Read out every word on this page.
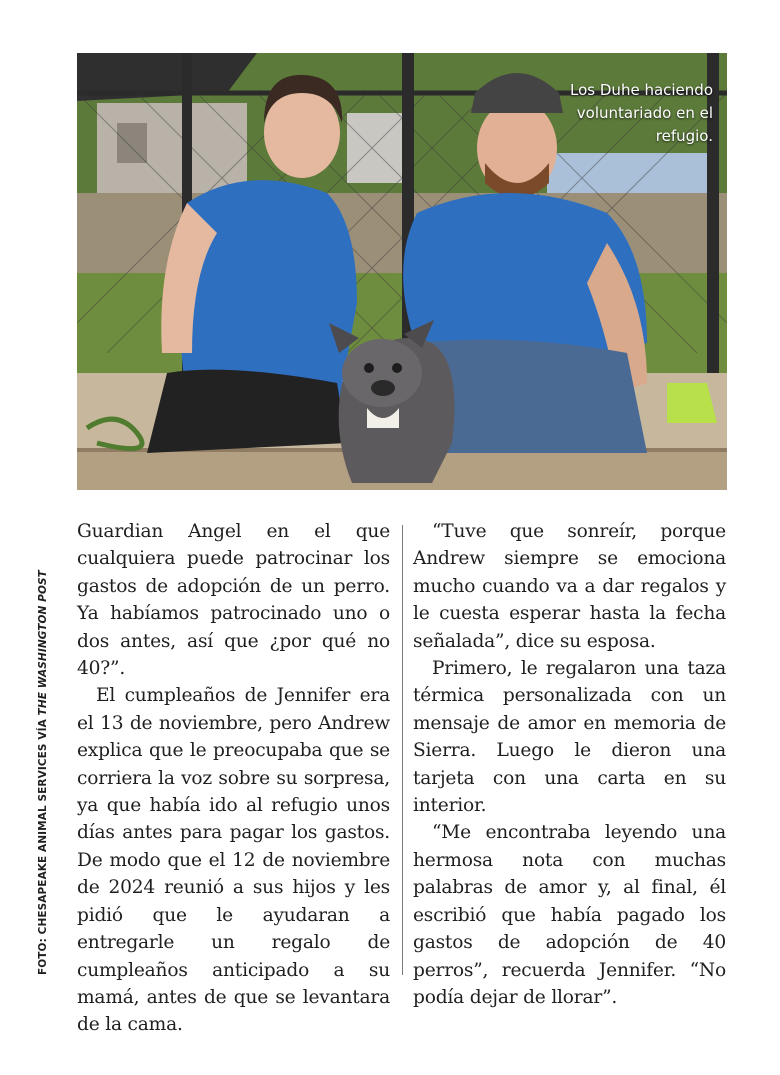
Los Duhe haciendo voluntariado en el refugio.
FOTO: CHESAPEAKE ANIMAL SERVICES VÍA THE WASHINGTON POST

Guardian Angel en el que cualquiera puede patrocinar los gastos de adopción de un perro. Ya habíamos patrocinado uno o dos antes, así que ¿por qué no 40?”.

El cumpleaños de Jennifer era el 13 de noviembre, pero Andrew explica que le preocupaba que se corriera la voz sobre su sorpresa, ya que había ido al refugio unos días antes para pagar los gastos. De modo que el 12 de noviembre de 2024 reunió a sus hijos y les pidió que le ayudaran a entregarle un regalo de cumpleaños anticipado a su mamá, antes de que se levantara de la cama.

“Tuve que sonreír, porque Andrew siempre se emociona mucho cuando va a dar regalos y le cuesta esperar hasta la fecha señalada”, dice su esposa.

Primero, le regalaron una taza térmica personalizada con un mensaje de amor en memoria de Sierra. Luego le dieron una tarjeta con una carta en su interior.

“Me encontraba leyendo una hermosa nota con muchas palabras de amor y, al final, él escribió que había pagado los gastos de adopción de 40 perros”, recuerda Jennifer. “No podía dejar de llorar”.
